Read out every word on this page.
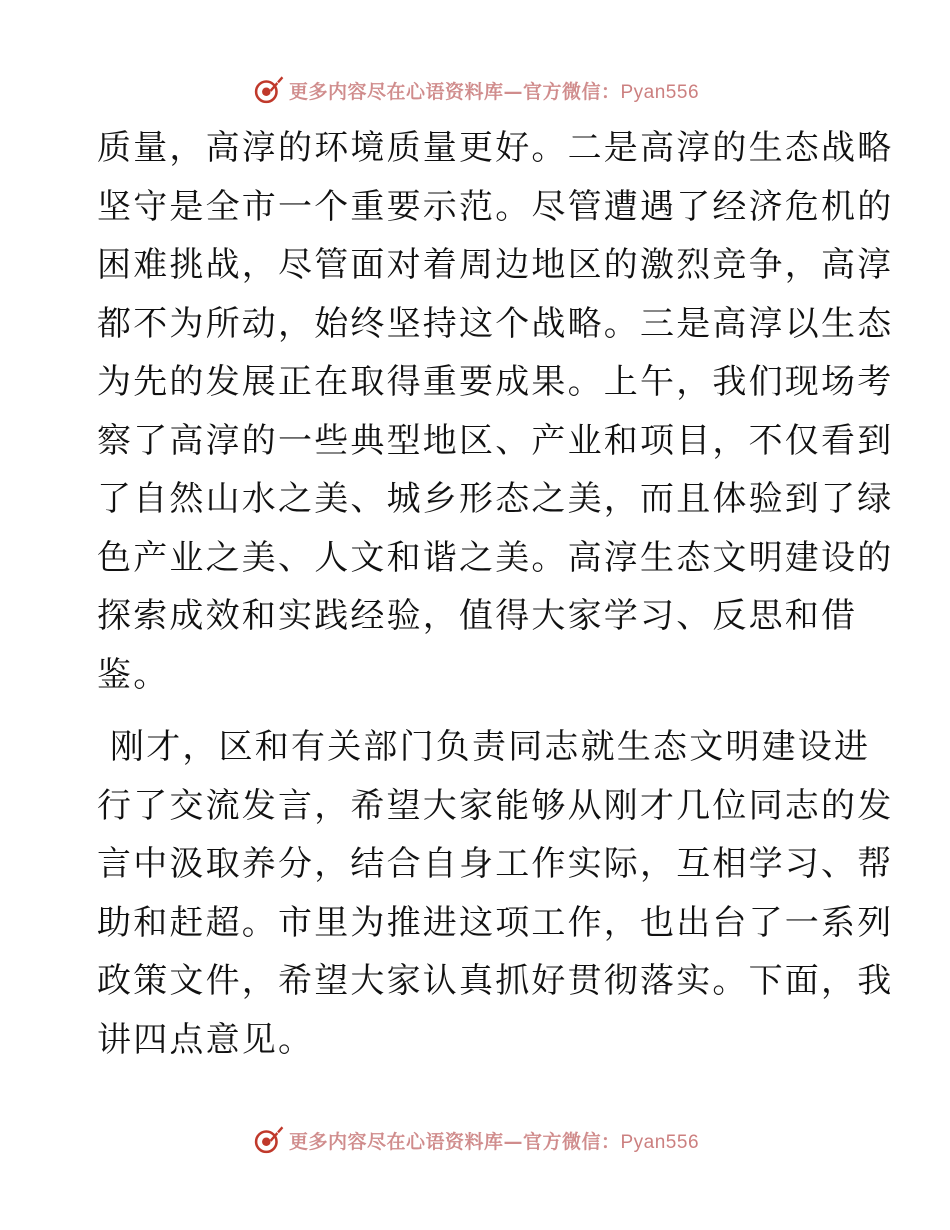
更多内容尽在心语资料库—官方微信：Pyan556

质量，高淳的环境质量更好。二是高淳的生态战略
坚守是全市一个重要示范。尽管遭遇了经济危机的
困难挑战，尽管面对着周边地区的激烈竞争，高淳
都不为所动，始终坚持这个战略。三是高淳以生态
为先的发展正在取得重要成果。上午，我们现场考
察了高淳的一些典型地区、产业和项目，不仅看到
了自然山水之美、城乡形态之美，而且体验到了绿
色产业之美、人文和谐之美。高淳生态文明建设的
探索成效和实践经验，值得大家学习、反思和借
鉴。

刚才，区和有关部门负责同志就生态文明建设进
行了交流发言，希望大家能够从刚才几位同志的发
言中汲取养分，结合自身工作实际，互相学习、帮
助和赶超。市里为推进这项工作，也出台了一系列
政策文件，希望大家认真抓好贯彻落实。下面，我
讲四点意见。

更多内容尽在心语资料库—官方微信：Pyan556
